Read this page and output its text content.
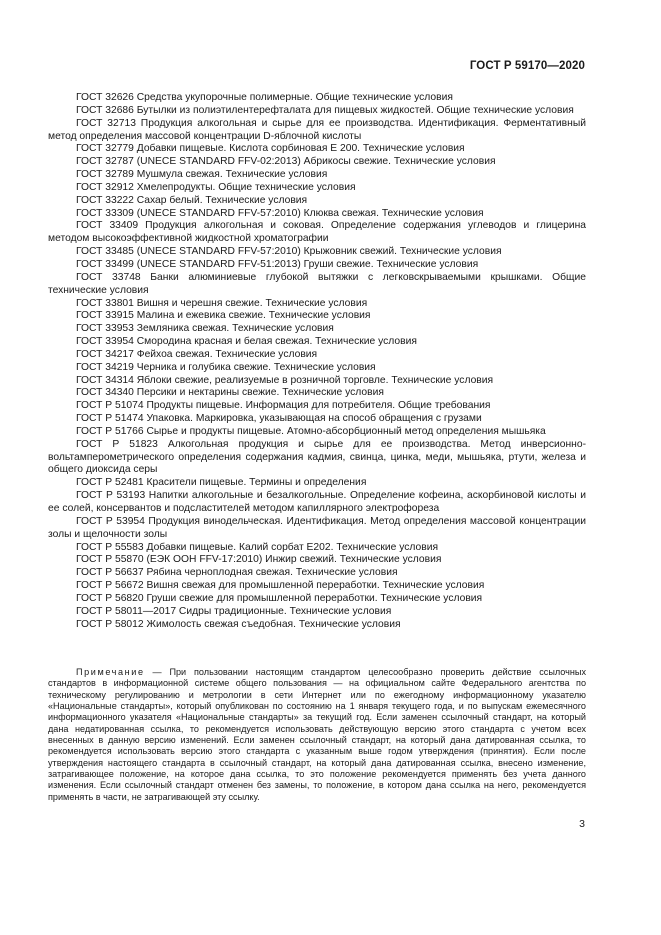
ГОСТ Р 59170—2020

ГОСТ 32626 Средства укупорочные полимерные. Общие технические условия

ГОСТ 32686 Бутылки из полиэтилентерефталата для пищевых жидкостей. Общие технические условия

ГОСТ 32713 Продукция алкогольная и сырье для ее производства. Идентификация. Ферментативный метод определения массовой концентрации D-яблочной кислоты

ГОСТ 32779 Добавки пищевые. Кислота сорбиновая Е 200. Технические условия

ГОСТ 32787 (UNECE STANDARD FFV-02:2013) Абрикосы свежие. Технические условия

ГОСТ 32789 Мушмула свежая. Технические условия

ГОСТ 32912 Хмелепродукты. Общие технические условия

ГОСТ 33222 Сахар белый. Технические условия

ГОСТ 33309 (UNECE STANDARD FFV-57:2010) Клюква свежая. Технические условия

ГОСТ 33409 Продукция алкогольная и соковая. Определение содержания углеводов и глицерина методом высокоэффективной жидкостной хроматографии

ГОСТ 33485 (UNECE STANDARD FFV-57:2010) Крыжовник свежий. Технические условия

ГОСТ 33499 (UNECE STANDARD FFV-51:2013) Груши свежие. Технические условия

ГОСТ 33748 Банки алюминиевые глубокой вытяжки с легковскрываемыми крышками. Общие технические условия

ГОСТ 33801 Вишня и черешня свежие. Технические условия

ГОСТ 33915 Малина и ежевика свежие. Технические условия

ГОСТ 33953 Земляника свежая. Технические условия

ГОСТ 33954 Смородина красная и белая свежая. Технические условия

ГОСТ 34217 Фейхоа свежая. Технические условия

ГОСТ 34219 Черника и голубика свежие. Технические условия

ГОСТ 34314 Яблоки свежие, реализуемые в розничной торговле. Технические условия

ГОСТ 34340 Персики и нектарины свежие. Технические условия

ГОСТ Р 51074 Продукты пищевые. Информация для потребителя. Общие требования

ГОСТ Р 51474 Упаковка. Маркировка, указывающая на способ обращения с грузами

ГОСТ Р 51766 Сырье и продукты пищевые. Атомно-абсорбционный метод определения мышьяка

ГОСТ Р 51823 Алкогольная продукция и сырье для ее производства. Метод инверсионно-вольтамперометрического определения содержания кадмия, свинца, цинка, меди, мышьяка, ртути, железа и общего диоксида серы

ГОСТ Р 52481 Красители пищевые. Термины и определения

ГОСТ Р 53193 Напитки алкогольные и безалкогольные. Определение кофеина, аскорбиновой кислоты и ее солей, консервантов и подсластителей методом капиллярного электрофореза

ГОСТ Р 53954 Продукция винодельческая. Идентификация. Метод определения массовой концентрации золы и щелочности золы

ГОСТ Р 55583 Добавки пищевые. Калий сорбат Е202. Технические условия

ГОСТ Р 55870 (ЕЭК ООН FFV-17:2010) Инжир свежий. Технические условия

ГОСТ Р 56637 Рябина черноплодная свежая. Технические условия

ГОСТ Р 56672 Вишня свежая для промышленной переработки. Технические условия

ГОСТ Р 56820 Груши свежие для промышленной переработки. Технические условия

ГОСТ Р 58011—2017 Сидры традиционные. Технические условия

ГОСТ Р 58012 Жимолость свежая съедобная. Технические условия

Примечание — При пользовании настоящим стандартом целесообразно проверить действие ссылочных стандартов в информационной системе общего пользования — на официальном сайте Федерального агентства по техническому регулированию и метрологии в сети Интернет или по ежегодному информационному указателю «Национальные стандарты», который опубликован по состоянию на 1 января текущего года, и по выпускам ежемесячного информационного указателя «Национальные стандарты» за текущий год. Если заменен ссылочный стандарт, на который дана недатированная ссылка, то рекомендуется использовать действующую версию этого стандарта с учетом всех внесенных в данную версию изменений. Если заменен ссылочный стандарт, на который дана датированная ссылка, то рекомендуется использовать версию этого стандарта с указанным выше годом утверждения (принятия). Если после утверждения настоящего стандарта в ссылочный стандарт, на который дана датированная ссылка, внесено изменение, затрагивающее положение, на которое дана ссылка, то это положение рекомендуется применять без учета данного изменения. Если ссылочный стандарт отменен без замены, то положение, в котором дана ссылка на него, рекомендуется применять в части, не затрагивающей эту ссылку.

3
